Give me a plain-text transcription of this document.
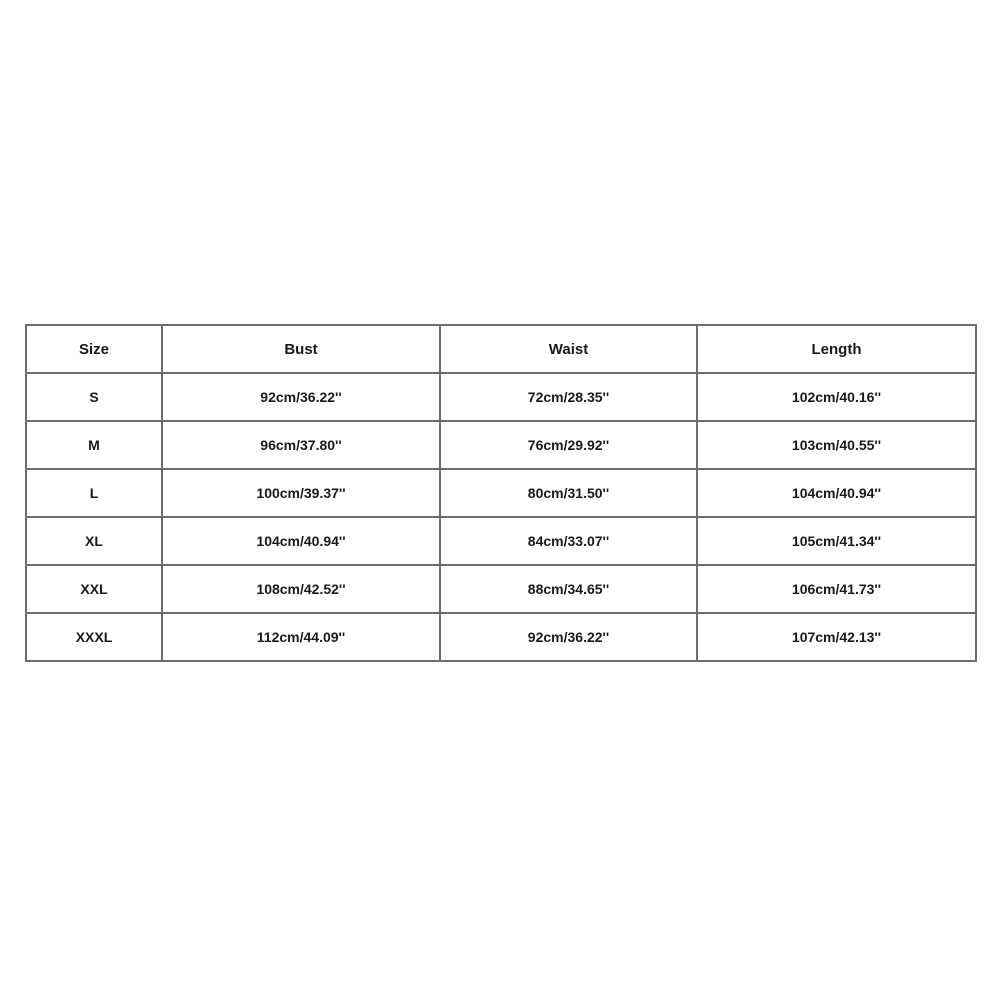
Size	Bust	Waist	Length
S	92cm/36.22''	72cm/28.35''	102cm/40.16''
M	96cm/37.80''	76cm/29.92''	103cm/40.55''
L	100cm/39.37''	80cm/31.50''	104cm/40.94''
XL	104cm/40.94''	84cm/33.07''	105cm/41.34''
XXL	108cm/42.52''	88cm/34.65''	106cm/41.73''
XXXL	112cm/44.09''	92cm/36.22''	107cm/42.13''
